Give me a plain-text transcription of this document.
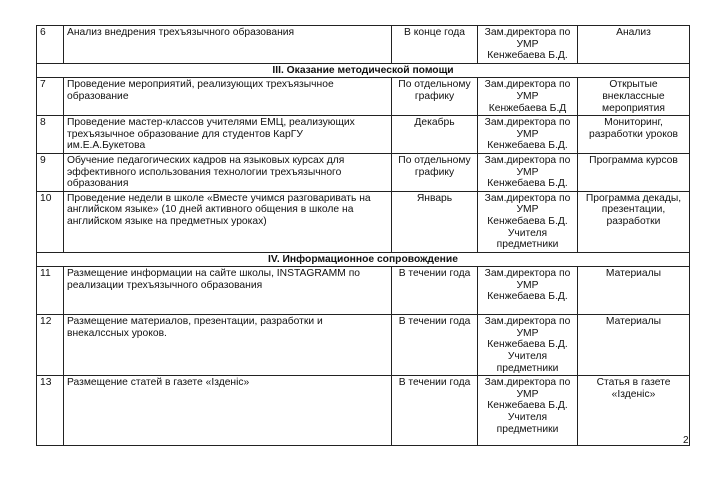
6	Анализ внедрения трехъязычного образования	В конце года	Зам.директора по
УМР
Кенжебаева Б.Д.	Анализ

III. Оказание методической помощи				
7	Проведение мероприятий, реализующих трехъязычное
образование	По отдельному
графику	Зам.директора по
УМР
Кенжебаева Б.Д	Открытые
внеклассные
мероприятия

8	Проведение мастер-классов учителями ЕМЦ, реализующих
трехъязычное образование для студентов КарГУ
им.Е.А.Букетова	Декабрь	Зам.директора по
УМР
Кенжебаева Б.Д.	Мониторинг,
разработки уроков

9	Обучение педагогических кадров на языковых курсах для
эффективного использования технологии трехъязычного
образования	По отдельному
графику	Зам.директора по
УМР
Кенжебаева Б.Д.	Программа курсов

10	Проведение недели в школе «Вместе учимся разговаривать на
английском языке» (10 дней активного общения в школе на
английском языке на предметных уроках)	Январь	Зам.директора по
УМР
Кенжебаева Б.Д.
Учителя
предметники	Программа декады,
презентации,
разработки

IV. Информационное сопровождение				
11	Размещение информации на сайте школы, INSTAGRAMM по
реализации трехъязычного образования	В течении года	Зам.директора по
УМР
Кенжебаева Б.Д.	Материалы

12	Размещение материалов, презентации, разработки и
внекалссных уроков.	В течении года	Зам.директора по
УМР
Кенжебаева Б.Д.
Учителя
предметники	Материалы

13	Размещение статей в газете «Ізденіс»	В течении года	Зам.директора по
УМР
Кенжебаева Б.Д.
Учителя
предметники	Статья в газете
«Ізденіс»
2
